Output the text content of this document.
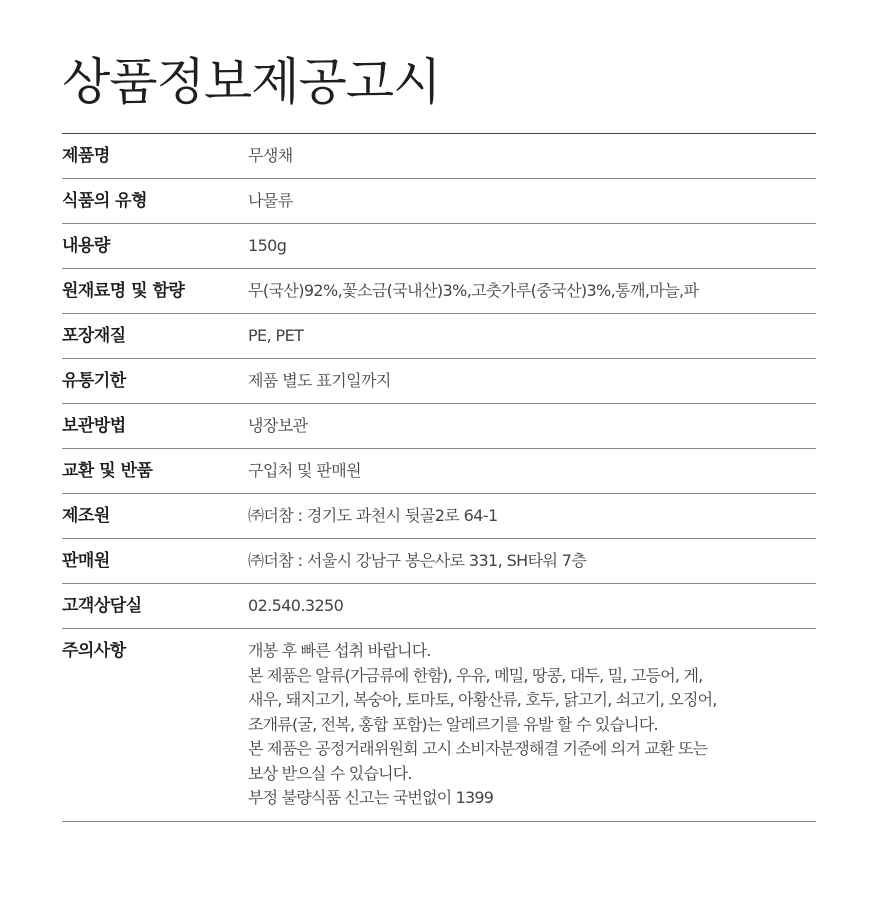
상품정보제공고시
제품명	무생채
식품의 유형	나물류
내용량	150g
원재료명 및 함량	무(국산)92%,꽃소금(국내산)3%,고춧가루(중국산)3%,통깨,마늘,파
포장재질	PE, PET
유통기한	제품 별도 표기일까지
보관방법	냉장보관
교환 및 반품	구입처 및 판매원
제조원	㈜더참 : 경기도 과천시 뒷골2로 64-1
판매원	㈜더참 : 서울시 강남구 봉은사로 331, SH타워 7층
고객상담실	02.540.3250
주의사항	개봉 후 빠른 섭취 바랍니다.
본 제품은 알류(가금류에 한함), 우유, 메밀, 땅콩, 대두, 밀, 고등어, 게,
새우, 돼지고기, 복숭아, 토마토, 아황산류, 호두, 닭고기, 쇠고기, 오징어,
조개류(굴, 전복, 홍합 포함)는 알레르기를 유발 할 수 있습니다.
본 제품은 공정거래위원회 고시 소비자분쟁해결 기준에 의거 교환 또는
보상 받으실 수 있습니다.
부정 불량식품 신고는 국번없이 1399
